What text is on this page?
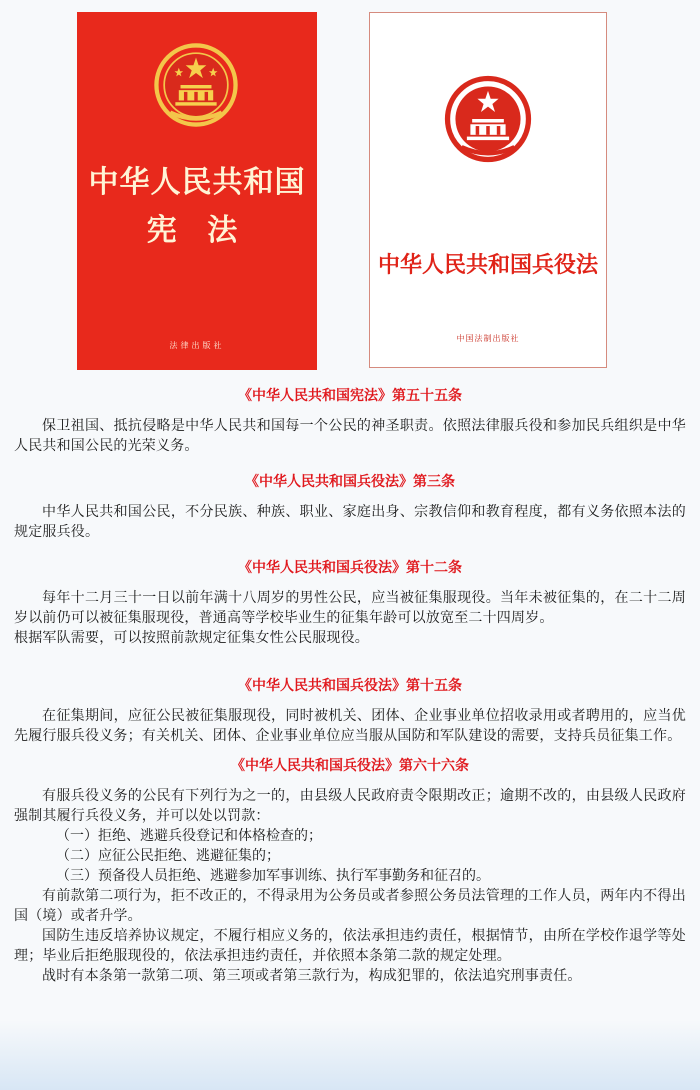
中华人民共和国
宪 法
法律出版社
中华人民共和国兵役法
中国法制出版社

《中华人民共和国宪法》第五十五条

保卫祖国、抵抗侵略是中华人民共和国每一个公民的神圣职责。依照法律服兵役和参加民兵组织是中华人民共和国公民的光荣义务。

《中华人民共和国兵役法》第三条

中华人民共和国公民，不分民族、种族、职业、家庭出身、宗教信仰和教育程度，都有义务依照本法的规定服兵役。

《中华人民共和国兵役法》第十二条

每年十二月三十一日以前年满十八周岁的男性公民，应当被征集服现役。当年未被征集的，在二十二周岁以前仍可以被征集服现役，普通高等学校毕业生的征集年龄可以放宽至二十四周岁。

根据军队需要，可以按照前款规定征集女性公民服现役。

《中华人民共和国兵役法》第十五条

在征集期间，应征公民被征集服现役，同时被机关、团体、企业事业单位招收录用或者聘用的，应当优先履行服兵役义务；有关机关、团体、企业事业单位应当服从国防和军队建设的需要，支持兵员征集工作。

《中华人民共和国兵役法》第六十六条

有服兵役义务的公民有下列行为之一的，由县级人民政府责令限期改正；逾期不改的，由县级人民政府强制其履行兵役义务，并可以处以罚款：

（一）拒绝、逃避兵役登记和体格检查的；

（二）应征公民拒绝、逃避征集的；

（三）预备役人员拒绝、逃避参加军事训练、执行军事勤务和征召的。

有前款第二项行为，拒不改正的，不得录用为公务员或者参照公务员法管理的工作人员，两年内不得出国（境）或者升学。

国防生违反培养协议规定，不履行相应义务的，依法承担违约责任，根据情节，由所在学校作退学等处理；毕业后拒绝服现役的，依法承担违约责任，并依照本条第二款的规定处理。

战时有本条第一款第二项、第三项或者第三款行为，构成犯罪的，依法追究刑事责任。
